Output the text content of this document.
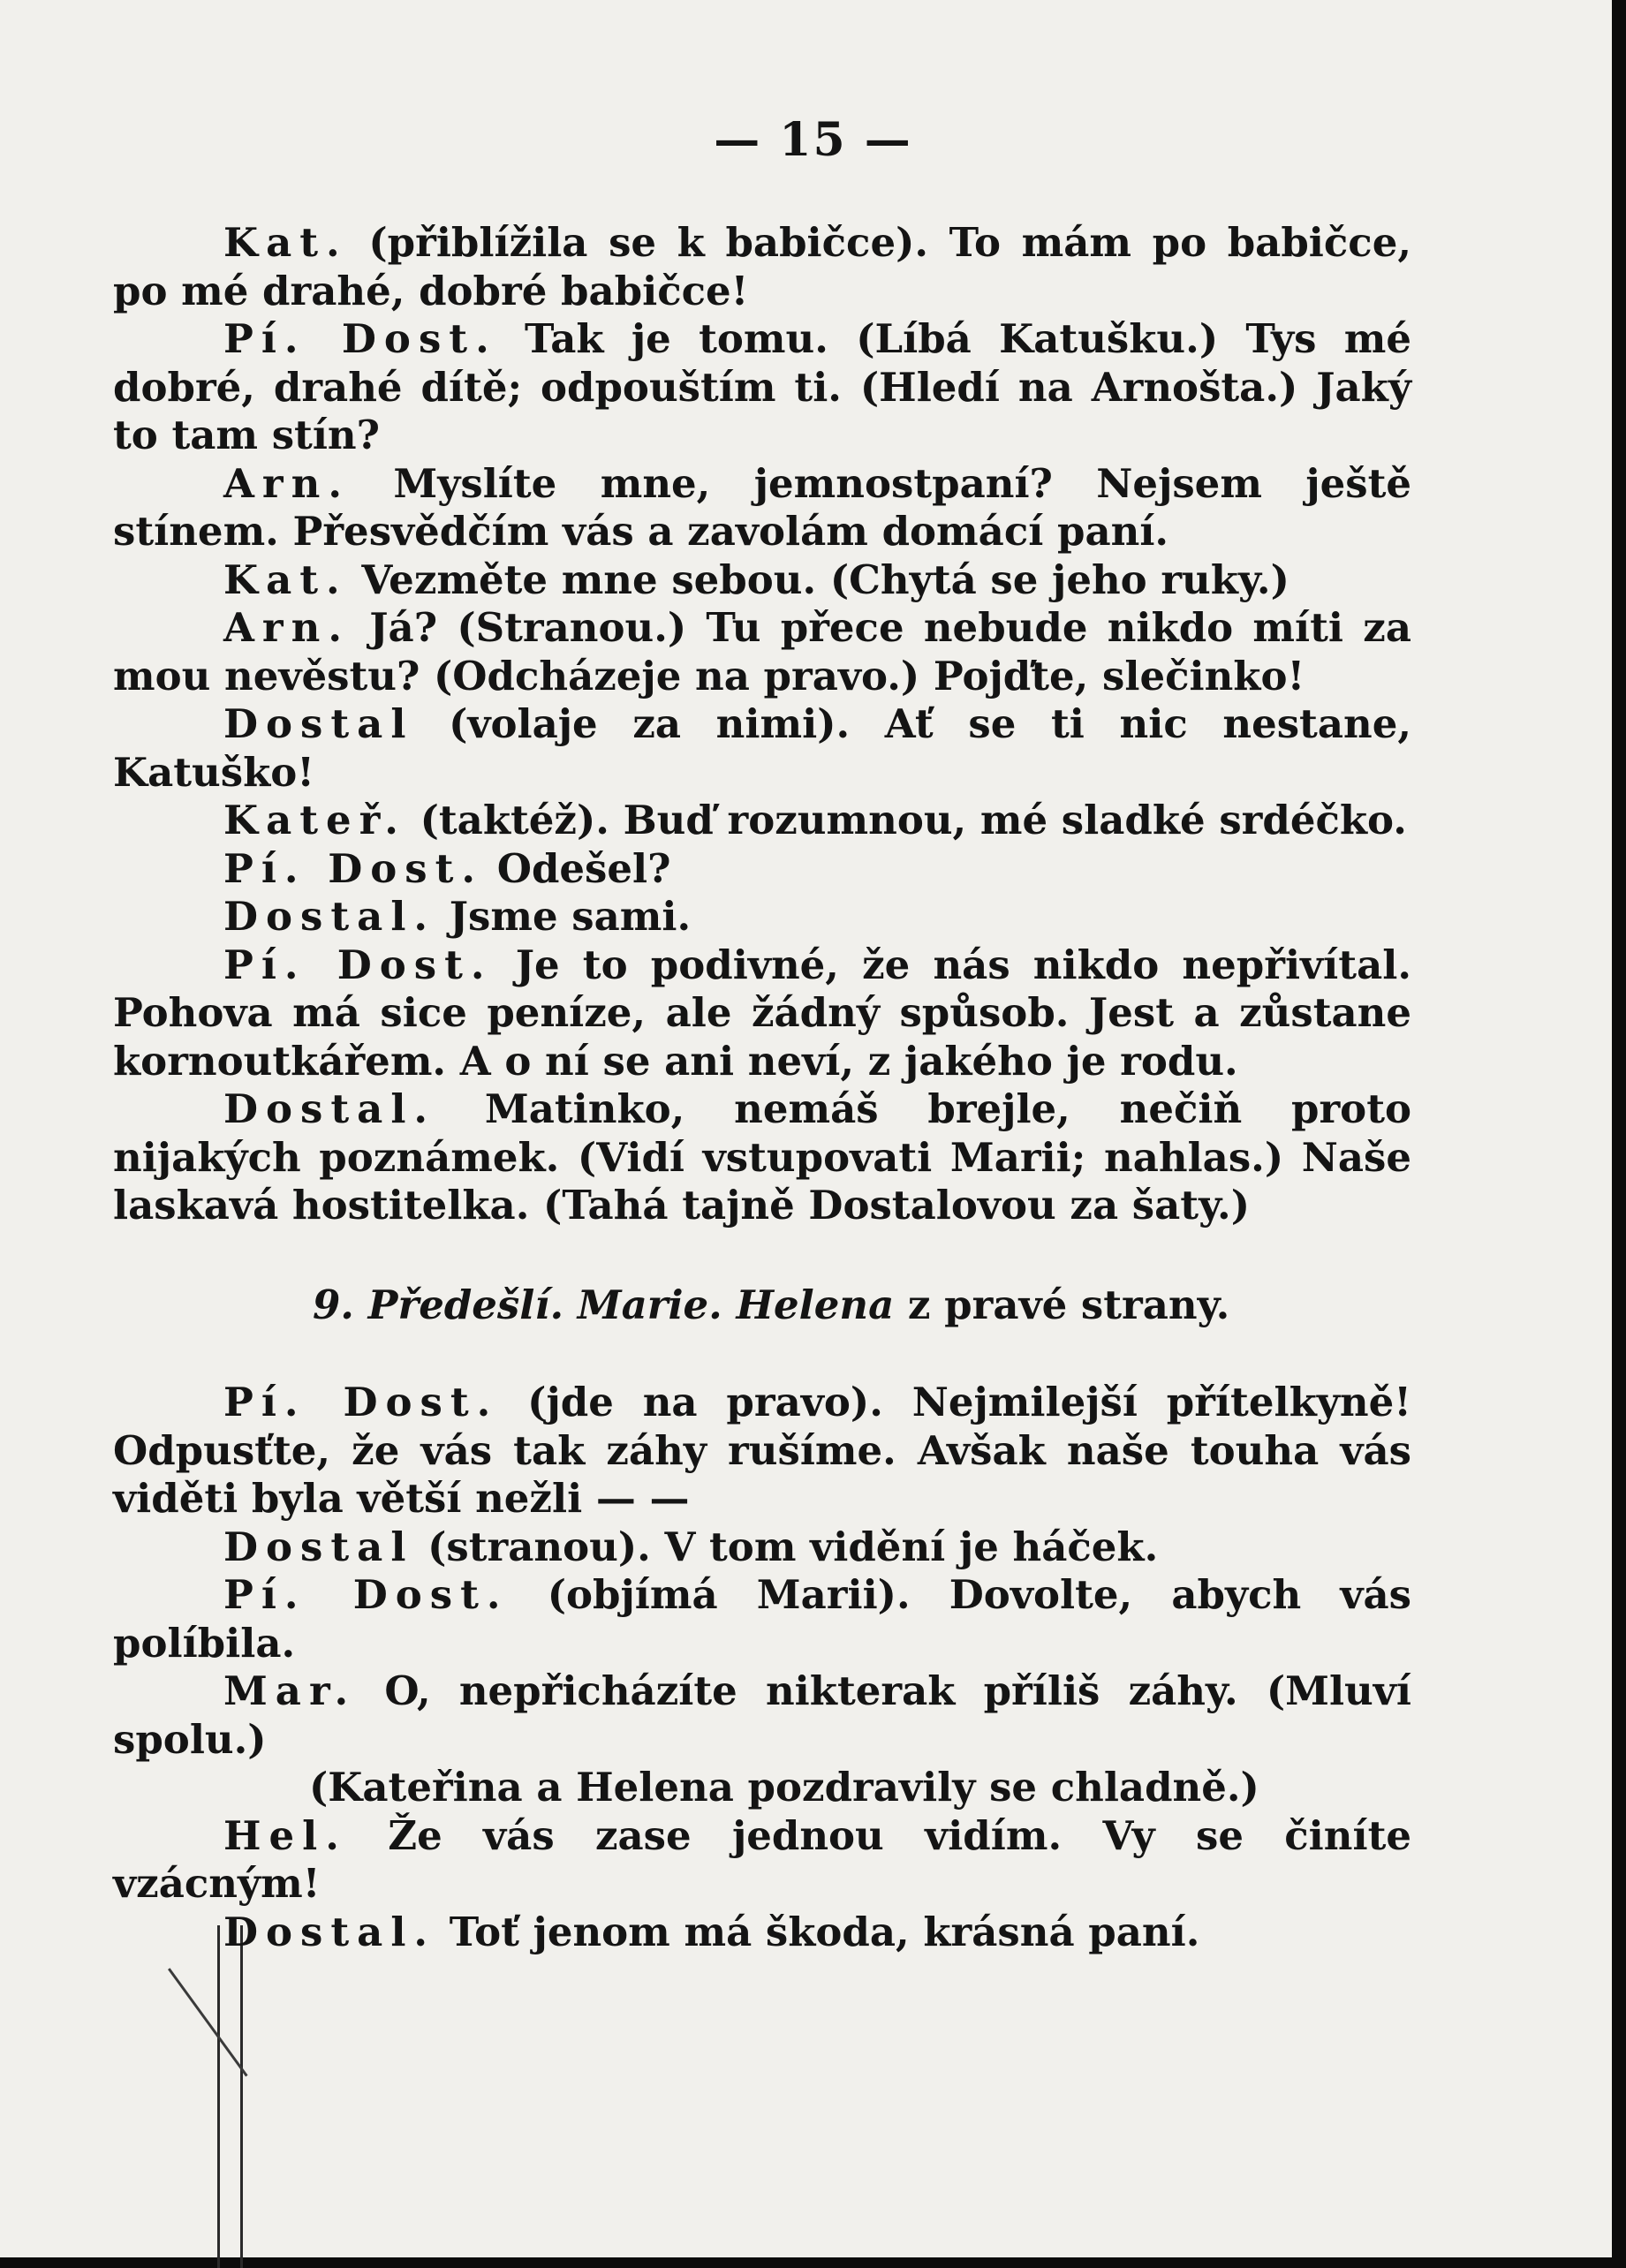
— 15 —

Kat. (přiblížila se k babičce). To mám po babičce, po mé drahé, dobré babičce!

Pí. Dost. Tak je tomu. (Líbá Katušku.) Tys mé dobré, drahé dítě; odpouštím ti. (Hledí na Arnošta.) Jaký to tam stín?

Arn. Myslíte mne, jemnostpaní? Nejsem ještě stínem. Přesvědčím vás a zavolám domácí paní.

Kat. Vezměte mne sebou. (Chytá se jeho ruky.)

Arn. Já? (Stranou.) Tu přece nebude nikdo míti za mou nevěstu? (Odcházeje na pravo.) Pojďte, slečinko!

Dostal (volaje za nimi). Ať se ti nic nestane, Katuško!

Kateř. (taktéž). Buď rozumnou, mé sladké srdéčko.

Pí. Dost. Odešel?

Dostal. Jsme sami.

Pí. Dost. Je to podivné, že nás nikdo nepřivítal. Pohova má sice peníze, ale žádný spůsob. Jest a zůstane kornoutkářem. A o ní se ani neví, z jakého je rodu.

Dostal. Matinko, nemáš brejle, nečiň proto nijakých poznámek. (Vidí vstupovati Marii; nahlas.) Naše laskavá hostitelka. (Tahá tajně Dostalovou za šaty.)

9. Předešlí. Marie. Helena z pravé strany.

Pí. Dost. (jde na pravo). Nejmilejší přítelkyně! Odpusťte, že vás tak záhy rušíme. Avšak naše touha vás viděti byla větší nežli — —

Dostal (stranou). V tom vidění je háček.

Pí. Dost. (objímá Marii). Dovolte, abych vás políbila.

Mar. O, nepřicházíte nikterak příliš záhy. (Mluví spolu.)

(Kateřina a Helena pozdravily se chladně.)

Hel. Že vás zase jednou vidím. Vy se činíte vzácným!

Dostal. Toť jenom má škoda, krásná paní.
